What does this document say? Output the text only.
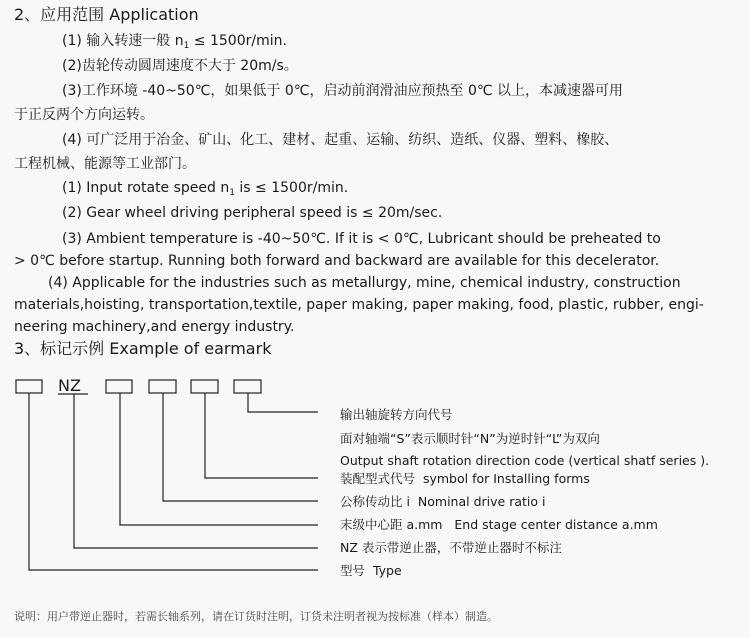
2、应用范围 Application
(1) 输入转速一般 $n_1 \le 1500r/\min$.
(2)齿轮传动圆周速度不大于 20m/s。
(3)工作环境 -40~50℃，如果低于 0℃，启动前润滑油应预热至 0℃ 以上，本减速器可用
于正反两个方向运转。
(4) 可广泛用于冶金、矿山、化工、建材、起重、运输、纺织、造纸、仪器、塑料、橡胶、
工程机械、能源等工业部门。
(1) Input rotate speed $n_1$ is ≤ 1500r/min.
(2) Gear wheel driving peripheral speed is ≤ 20m/sec.
(3) Ambient temperature is -40~50℃. If it is < 0℃, Lubricant should be preheated to
> 0℃ before startup. Running both forward and backward are available for this decelerator.
(4) Applicable for the industries such as metallurgy, mine, chemical industry, construction
materials,hoisting, transportation,textile, paper making, paper making, food, plastic, rubber, engi-
neering machinery,and energy industry.
3、标记示例 Example of earmark
NZ
输出轴旋转方向代号
面对轴端“S”表示顺时针“N”为逆时针“L”为双向
Output shaft rotation direction code (vertical shatf series ).
装配型式代号 symbol for Installing forms
公称传动比 i Nominal drive ratio i
末级中心距 a.mm End stage center distance a.mm
NZ 表示带逆止器，不带逆止器时不标注
型号 Type
说明：用户带逆止器时，若需长轴系列，请在订货时注明，订货未注明者视为按标准（样本）制造。
